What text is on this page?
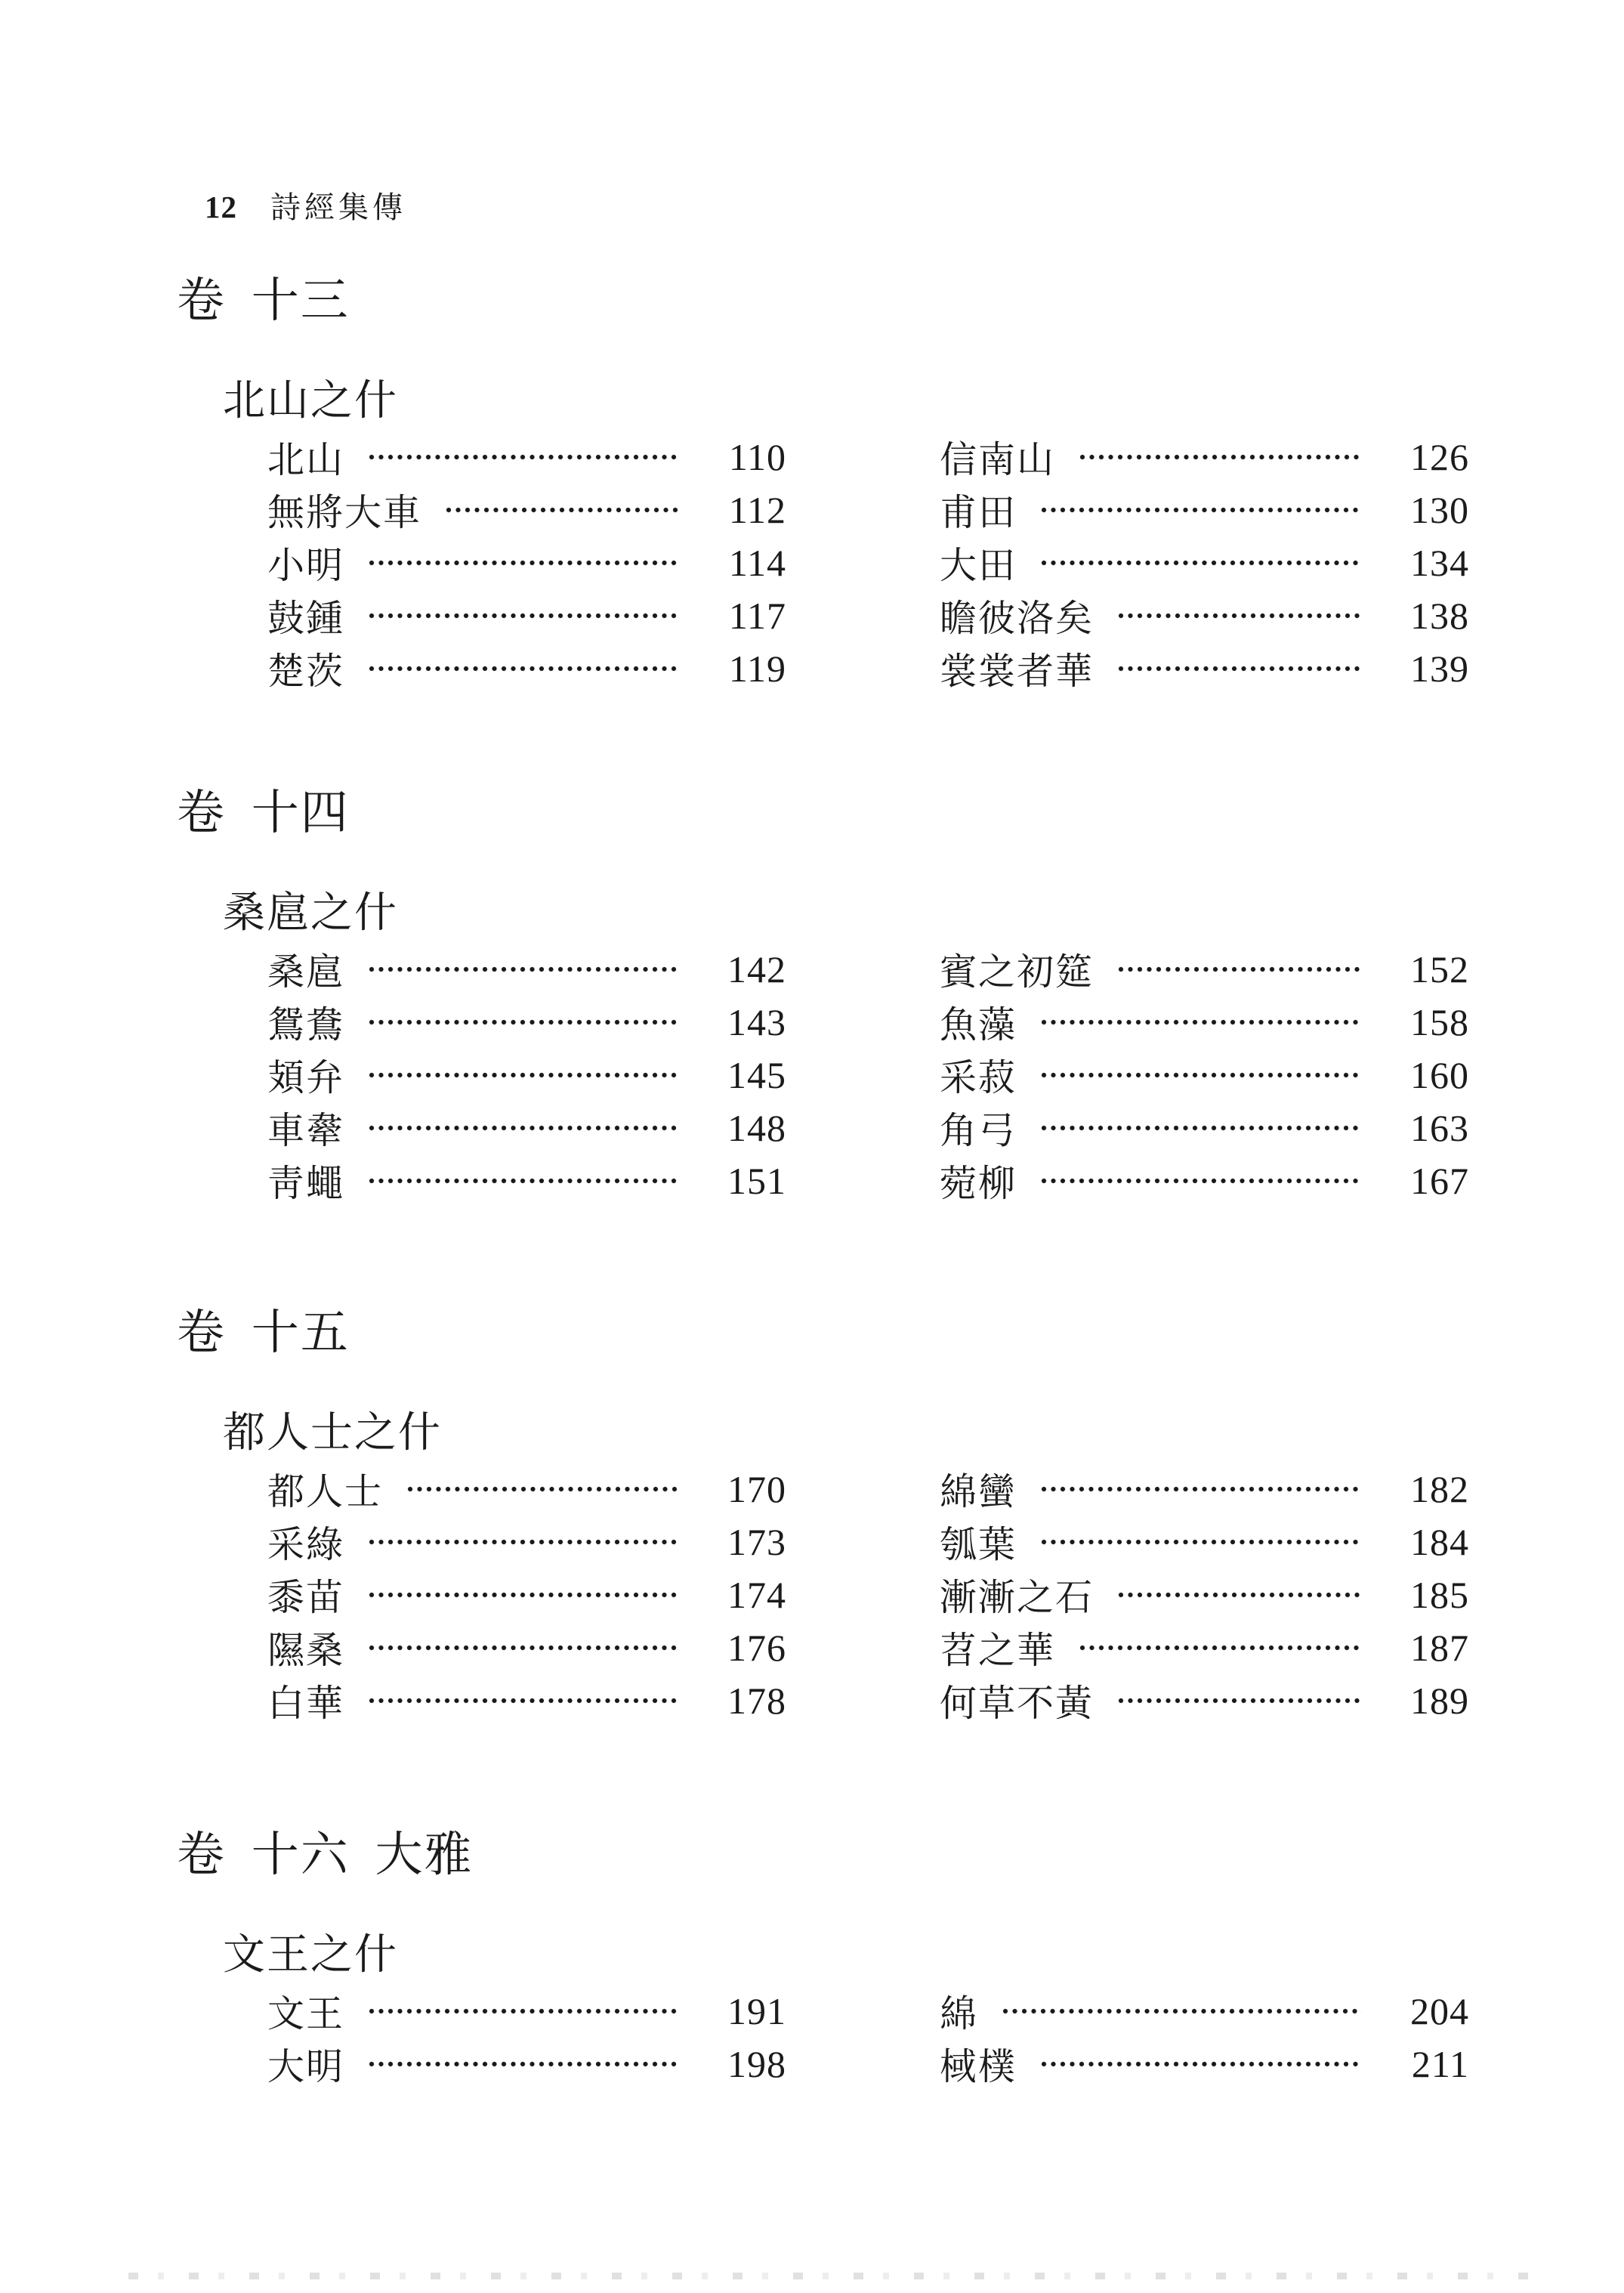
12 詩經集傳
卷 十三
北山之什
北山	110
無將大車	112
小明	114
鼓鍾	117
楚茨	119
信南山	126
甫田	130
大田	134
瞻彼洛矣	138
裳裳者華	139
卷 十四
桑扈之什
桑扈	142
鴛鴦	143
頍弁	145
車舝	148
靑蠅	151
賓之初筵	152
魚藻	158
采菽	160
角弓	163
菀柳	167
卷 十五
都人士之什
都人士	170
采綠	173
黍苗	174
隰桑	176
白華	178
綿蠻	182
瓠葉	184
漸漸之石	185
苕之華	187
何草不黃	189
卷 十六 大雅
文王之什
文王	191
大明	198
綿	204
棫樸	211
